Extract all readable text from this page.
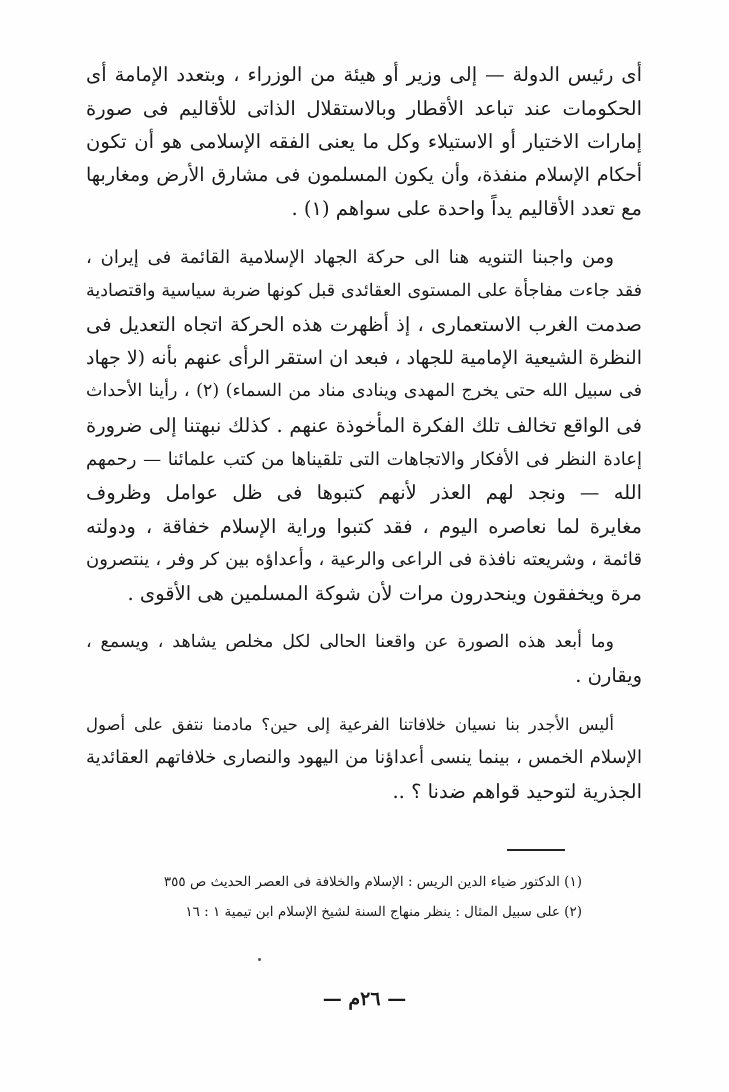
أى رئيس الدولة — إلى وزير أو هيئة من الوزراء ، وبتعدد الإمامة أى
الحكومات عند تباعد الأقطار وبالاستقلال الذاتى للأقاليم فى صورة
إمارات الاختيار أو الاستيلاء وكل ما يعنى الفقه الإسلامى هو أن تكون
أحكام الإسلام منفذة، وأن يكون المسلمون فى مشارق الأرض ومغاربها
مع تعدد الأقاليم يداً واحدة على سواهم (١) .

ومن واجبنا التنويه هنا الى حركة الجهاد الإسلامية القائمة فى إيران ،
فقد جاءت مفاجأة على المستوى العقائدى قبل كونها ضربة سياسية واقتصادية
صدمت الغرب الاستعمارى ، إذ أظهرت هذه الحركة اتجاه التعديل فى
النظرة الشيعية الإمامية للجهاد ، فبعد ان استقر الرأى عنهم بأنه (لا جهاد
فى سبيل الله حتى يخرج المهدى وينادى مناد من السماء) (٢) ، رأينا الأحداث
فى الواقع تخالف تلك الفكرة المأخوذة عنهم . كذلك نبهتنا إلى ضرورة
إعادة النظر فى الأفكار والاتجاهات التى تلقيناها من كتب علمائنا — رحمهم
الله — ونجد لهم العذر لأنهم كتبوها فى ظل عوامل وظروف
مغايرة لما نعاصره اليوم ، فقد كتبوا وراية الإسلام خفاقة ، ودولته
قائمة ، وشريعته نافذة فى الراعى والرعية ، وأعداؤه بين كر وفر ، ينتصرون
مرة ويخفقون وينحدرون مرات لأن شوكة المسلمين هى الأقوى .

وما أبعد هذه الصورة عن واقعنا الحالى لكل مخلص يشاهد ، ويسمع ،
ويقارن .

أليس الأجدر بنا نسيان خلافاتنا الفرعية إلى حين؟ مادمنا نتفق على أصول
الإسلام الخمس ، بينما ينسى أعداؤنا من اليهود والنصارى خلافاتهم العقائدية
الجذرية لتوحيد قواهم ضدنا ؟ ..

(١) الدكتور ضياء الدين الريس : الإسلام والخلافة فى العصر الحديث ص ٣٥٥
(٢) على سبيل المثال : ينظر منهاج السنة لشيخ الإسلام ابن تيمية ١ : ١٦
— ٢٦م —
